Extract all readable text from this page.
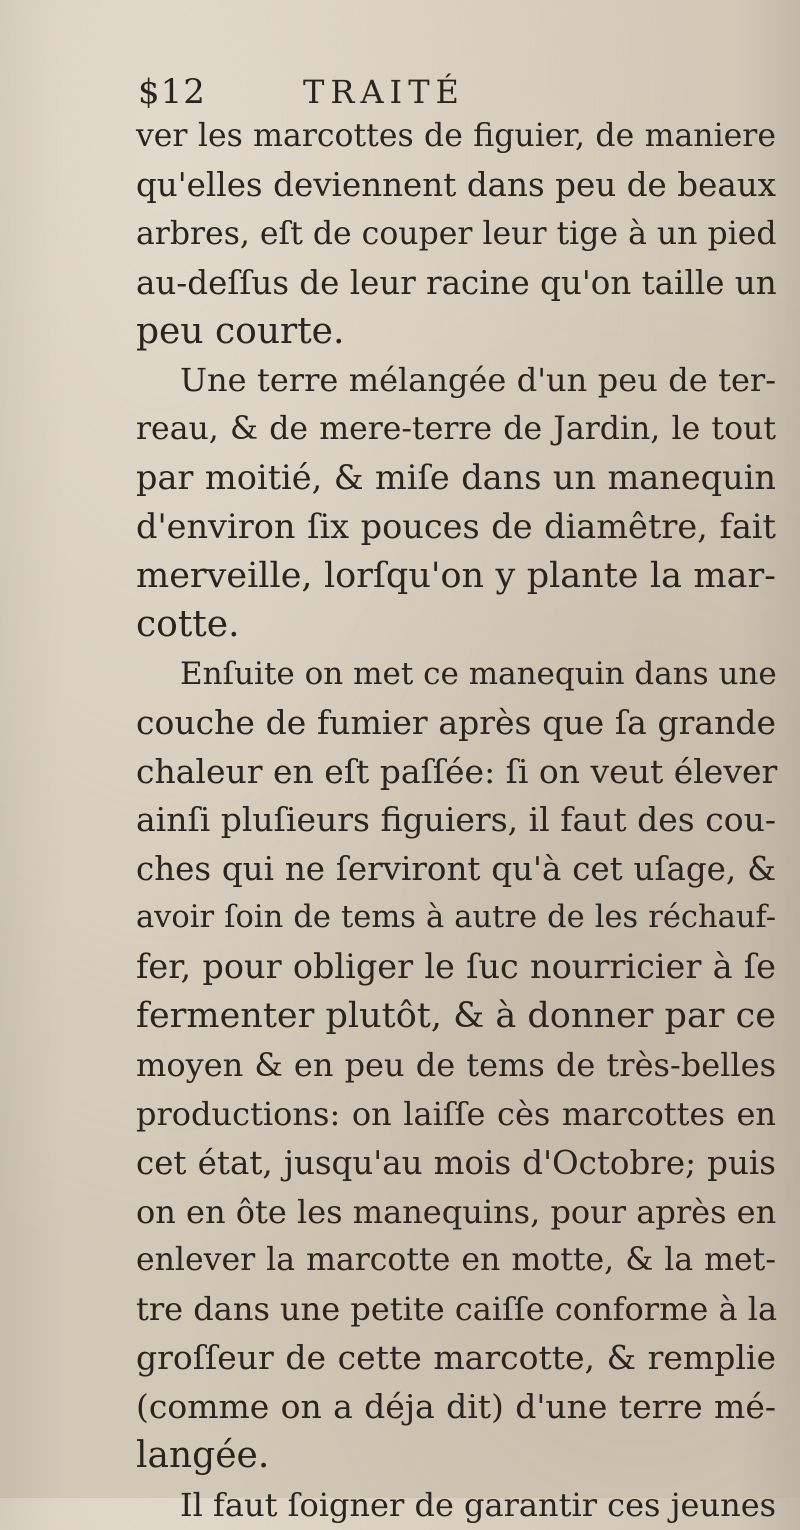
$12	TRAITÉ
ver les marcottes de figuier, de maniere
qu'elles deviennent dans peu de beaux
arbres, eſt de couper leur tige à un pied
au-deſſus de leur racine qu'on taille un
peu courte.
Une terre mélangée d'un peu de ter-
reau, & de mere-terre de Jardin, le tout
par moitié, & miſe dans un manequin
d'environ ſix pouces de diamêtre, fait
merveille, lorſqu'on y plante la mar-
cotte.
Enſuite on met ce manequin dans une
couche de fumier après que ſa grande
chaleur en eſt paſſée: ſi on veut élever
ainſi pluſieurs figuiers, il faut des cou-
ches qui ne ſerviront qu'à cet uſage, &
avoir ſoin de tems à autre de les réchauf-
fer, pour obliger le ſuc nourricier à ſe
fermenter plutôt, & à donner par ce
moyen & en peu de tems de très-belles
productions: on laiſſe cès marcottes en
cet état, jusqu'au mois d'Octobre; puis
on en ôte les manequins, pour après en
enlever la marcotte en motte, & la met-
tre dans une petite caiſſe conforme à la
groſſeur de cette marcotte, & remplie
(comme on a déja dit) d'une terre mé-
langée.
Il faut ſoigner de garantir ces jeunes
